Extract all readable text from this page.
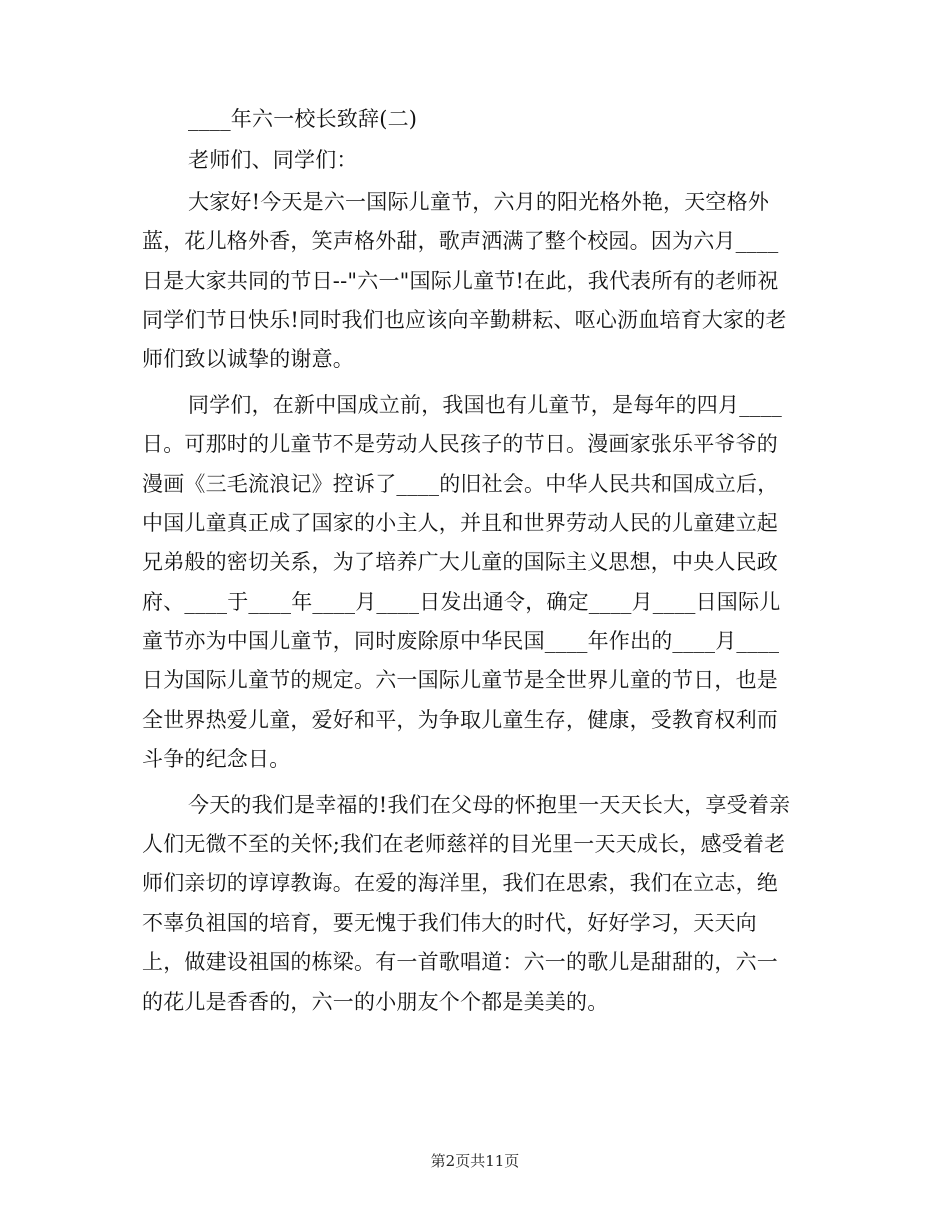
____年六一校长致辞(二)
老师们、同学们：
大家好!今天是六一国际儿童节，六月的阳光格外艳，天空格外
蓝，花儿格外香，笑声格外甜，歌声洒满了整个校园。因为六月____
日是大家共同的节日--"六一"国际儿童节!在此，我代表所有的老师祝
同学们节日快乐!同时我们也应该向辛勤耕耘、呕心沥血培育大家的老
师们致以诚挚的谢意。
同学们，在新中国成立前，我国也有儿童节，是每年的四月____
日。可那时的儿童节不是劳动人民孩子的节日。漫画家张乐平爷爷的
漫画《三毛流浪记》控诉了____的旧社会。中华人民共和国成立后，
中国儿童真正成了国家的小主人，并且和世界劳动人民的儿童建立起
兄弟般的密切关系，为了培养广大儿童的国际主义思想，中央人民政
府、____于____年____月____日发出通令，确定____月____日国际儿
童节亦为中国儿童节，同时废除原中华民国____年作出的____月____
日为国际儿童节的规定。六一国际儿童节是全世界儿童的节日，也是
全世界热爱儿童，爱好和平，为争取儿童生存，健康，受教育权利而
斗争的纪念日。
今天的我们是幸福的!我们在父母的怀抱里一天天长大，享受着亲
人们无微不至的关怀;我们在老师慈祥的目光里一天天成长，感受着老
师们亲切的谆谆教诲。在爱的海洋里，我们在思索，我们在立志，绝
不辜负祖国的培育，要无愧于我们伟大的时代，好好学习，天天向
上，做建设祖国的栋梁。有一首歌唱道：六一的歌儿是甜甜的，六一
的花儿是香香的，六一的小朋友个个都是美美的。
第2页共11页
